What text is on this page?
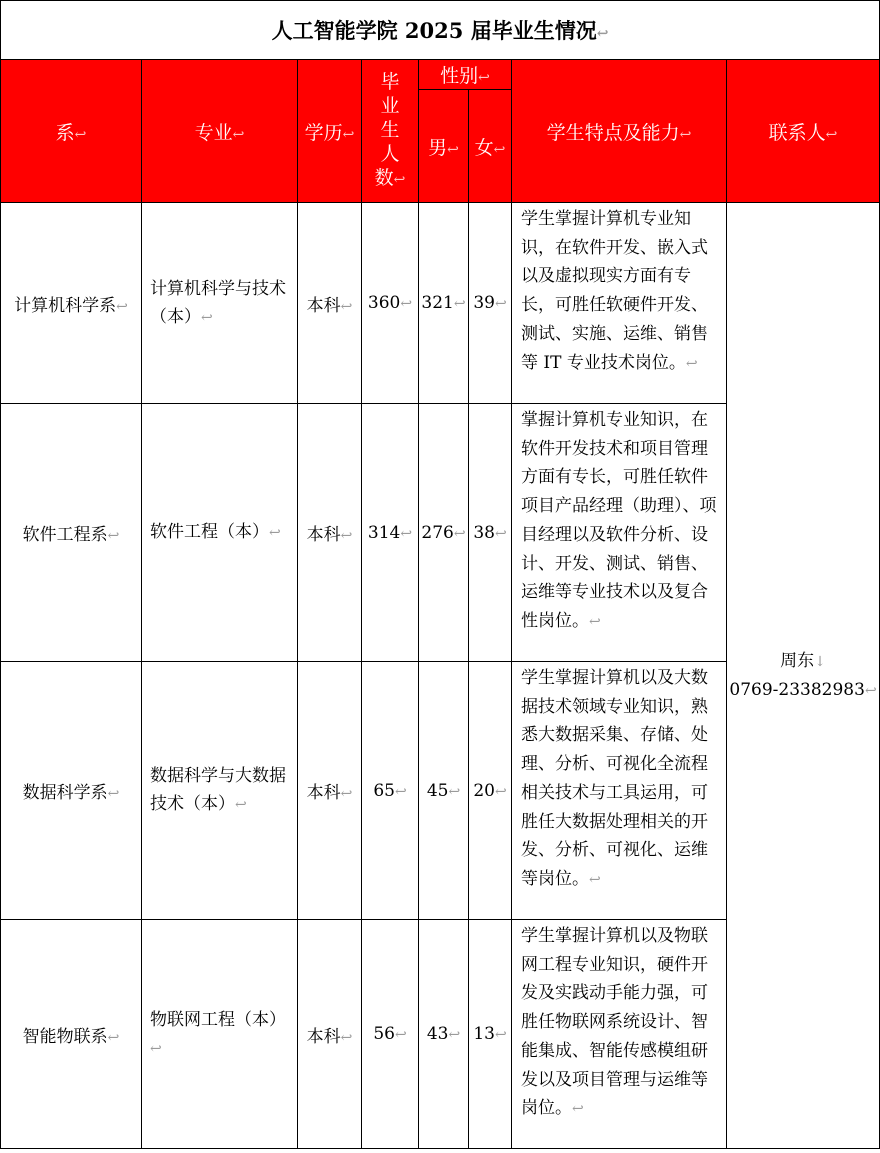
人工智能学院 2025 届毕业生情况↩							
系↩	专业↩	学历↩	毕
业
生
人
数↩	性别↩		学生特点及能力↩	联系人↩
				男↩	女↩		
计算机科学系↩	计算机科学与技术（本）↩	本科↩	360↩	321↩	39↩	学生掌握计算机专业知识，在软件开发、嵌入式以及虚拟现实方面有专长，可胜任软硬件开发、测试、实施、运维、销售等 IT 专业技术岗位。↩	周东↓
0769-23382983↩

软件工程系↩	软件工程（本）↩	本科↩	314↩	276↩	38↩	掌握计算机专业知识，在软件开发技术和项目管理方面有专长，可胜任软件项目产品经理（助理）、项目经理以及软件分析、设计、开发、测试、销售、运维等专业技术以及复合性岗位。↩	
数据科学系↩	数据科学与大数据技术（本）↩	本科↩	65↩	45↩	20↩	学生掌握计算机以及大数据技术领域专业知识，熟悉大数据采集、存储、处理、分析、可视化全流程相关技术与工具运用，可胜任大数据处理相关的开发、分析、可视化、运维等岗位。↩	
智能物联系↩	物联网工程（本）↩	本科↩	56↩	43↩	13↩	学生掌握计算机以及物联网工程专业知识，硬件开发及实践动手能力强，可胜任物联网系统设计、智能集成、智能传感模组研发以及项目管理与运维等岗位。↩	
